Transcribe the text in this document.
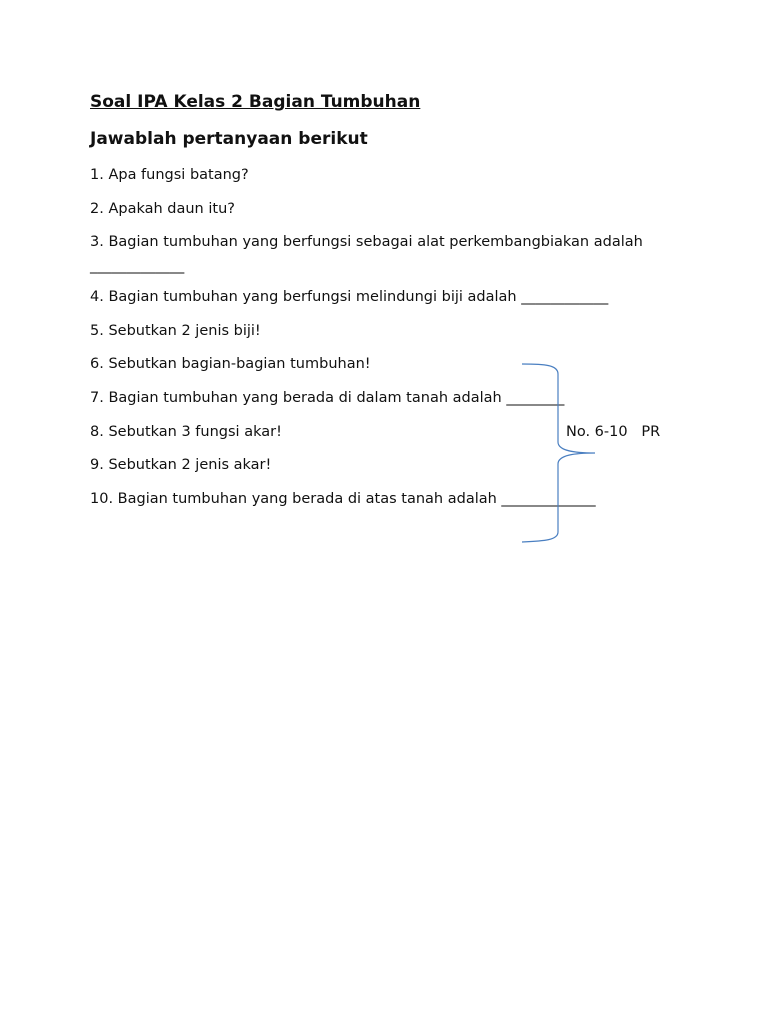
Soal IPA Kelas 2 Bagian Tumbuhan
Jawablah pertanyaan berikut
1. Apa fungsi batang?
2. Apakah daun itu?
3. Bagian tumbuhan yang berfungsi sebagai alat perkembangbiakan adalah
_____________
4. Bagian tumbuhan yang berfungsi melindungi biji adalah ____________
5. Sebutkan 2 jenis biji!
6. Sebutkan bagian-bagian tumbuhan!
7. Bagian tumbuhan yang berada di dalam tanah adalah ________
8. Sebutkan 3 fungsi akar!
9. Sebutkan 2 jenis akar!
10. Bagian tumbuhan yang berada di atas tanah adalah _____________
No. 6-10   PR
